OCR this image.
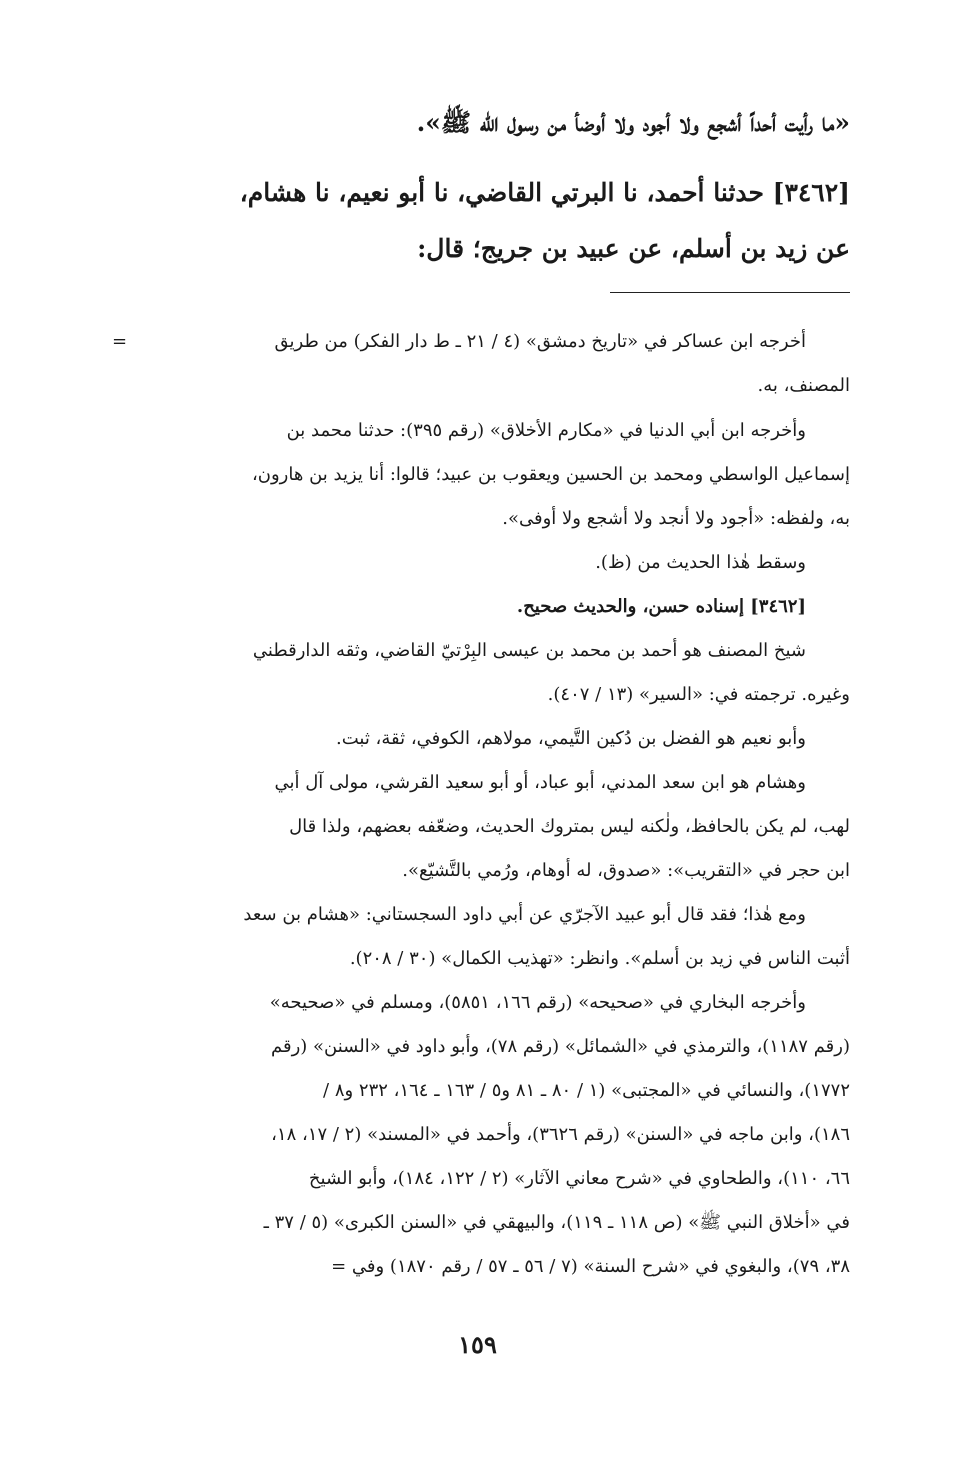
«ما رأيت أحداً أشجع ولا أجود ولا أوضأ من رسول الله ﷺ».
[٣٤٦٢] حدثنا أحمد، نا البرتي القاضي، نا أبو نعيم، نا هشام،
عن زيد بن أسلم، عن عبيد بن جريج؛ قال:
=	أخرجه ابن عساكر في «تاريخ دمشق» (٤ / ٢١ ـ ط دار الفكر) من طريق
المصنف، به.
وأخرجه ابن أبي الدنيا في «مكارم الأخلاق» (رقم ٣٩٥): حدثنا محمد بن
إسماعيل الواسطي ومحمد بن الحسين ويعقوب بن عبيد؛ قالوا: أنا يزيد بن هارون،
به، ولفظه: «أجود ولا أنجد ولا أشجع ولا أوفى».
وسقط هٰذا الحديث من (ظ).
[٣٤٦٢] إسناده حسن، والحديث صحيح.
شيخ المصنف هو أحمد بن محمد بن عيسى البِرْتيّ القاضي، وثقه الدارقطني
وغيره. ترجمته في: «السير» (١٣ / ٤٠٧).
وأبو نعيم هو الفضل بن دُكين التَّيمي، مولاهم، الكوفي، ثقة، ثبت.
وهشام هو ابن سعد المدني، أبو عباد، أو أبو سعيد القرشي، مولى آل أبي
لهب، لم يكن بالحافظ، ولٰكنه ليس بمتروك الحديث، وضعّفه بعضهم، ولذا قال
ابن حجر في «التقريب»: «صدوق، له أوهام، ورُمي بالتَّشيّع».
ومع هٰذا؛ فقد قال أبو عبيد الآجرّي عن أبي داود السجستاني: «هشام بن سعد
أثبت الناس في زيد بن أسلم». وانظر: «تهذيب الكمال» (٣٠ / ٢٠٨).
وأخرجه البخاري في «صحيحه» (رقم ١٦٦، ٥٨٥١)، ومسلم في «صحيحه»
(رقم ١١٨٧)، والترمذي في «الشمائل» (رقم ٧٨)، وأبو داود في «السنن» (رقم
١٧٧٢)، والنسائي في «المجتبى» (١ / ٨٠ ـ ٨١ و٥ / ١٦٣ ـ ١٦٤، ٢٣٢ و٨ /
١٨٦)، وابن ماجه في «السنن» (رقم ٣٦٢٦)، وأحمد في «المسند» (٢ / ١٧، ١٨،
٦٦، ١١٠)، والطحاوي في «شرح معاني الآثار» (٢ / ١٢٢، ١٨٤)، وأبو الشيخ
في «أخلاق النبي ﷺ» (ص ١١٨ ـ ١١٩)، والبيهقي في «السنن الكبرى» (٥ / ٣٧ ـ
٣٨، ٧٩)، والبغوي في «شرح السنة» (٧ / ٥٦ ـ ٥٧ / رقم ١٨٧٠) وفي =
١٥٩
